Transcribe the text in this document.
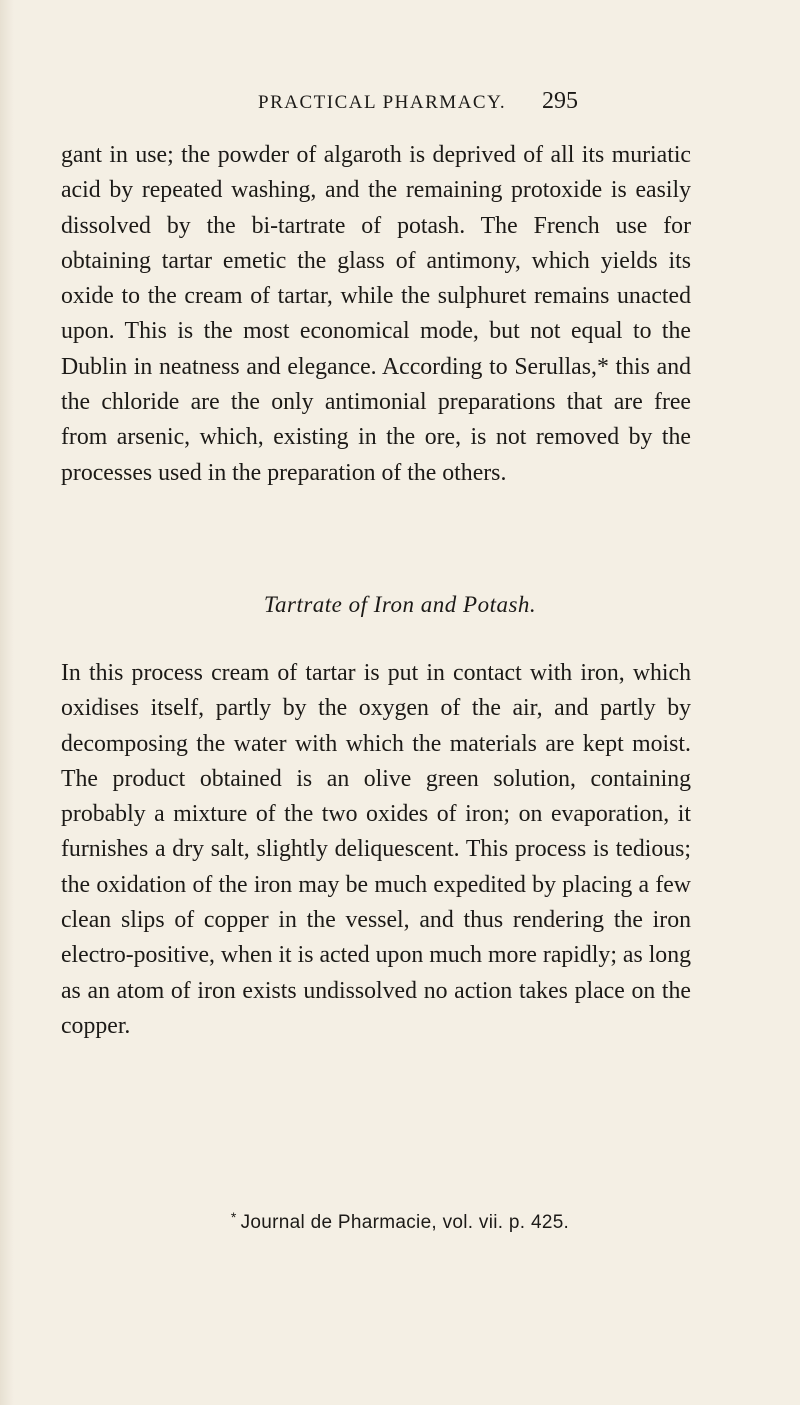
PRACTICAL PHARMACY. 295

gant in use; the powder of algaroth is deprived of all its muriatic acid by repeated washing, and the remaining protoxide is easily dissolved by the bi-tartrate of potash. The French use for obtaining tartar emetic the glass of antimony, which yields its oxide to the cream of tartar, while the sulphuret remains unacted upon. This is the most economical mode, but not equal to the Dublin in neatness and elegance. According to Serullas,* this and the chloride are the only antimonial preparations that are free from arsenic, which, existing in the ore, is not removed by the processes used in the preparation of the others.

Tartrate of Iron and Potash.

In this process cream of tartar is put in contact with iron, which oxidises itself, partly by the oxygen of the air, and partly by decomposing the water with which the materials are kept moist. The product obtained is an olive green solution, containing probably a mixture of the two oxides of iron; on evaporation, it furnishes a dry salt, slightly deliquescent. This process is tedious; the oxidation of the iron may be much expedited by placing a few clean slips of copper in the vessel, and thus rendering the iron electro-positive, when it is acted upon much more rapidly; as long as an atom of iron exists undissolved no action takes place on the copper.

* Journal de Pharmacie, vol. vii. p. 425.
